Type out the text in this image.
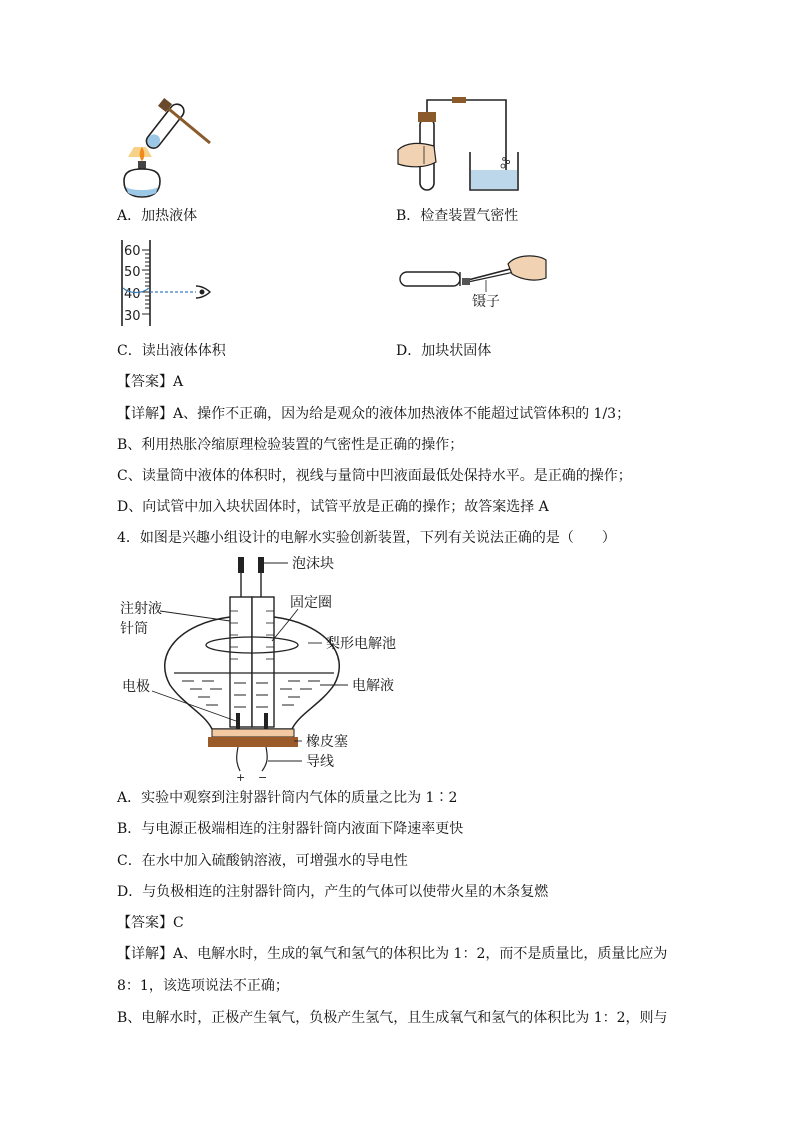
A．加热液体	B．检查装置气密性
60
50
40
30
镊子
C．读出液体体积	D．加块状固体
【答案】A
【详解】A、操作不正确，因为给是观众的液体加热液体不能超过试管体积的 1/3；
B、利用热胀冷缩原理检验装置的气密性是正确的操作；
C、读量筒中液体的体积时，视线与量筒中凹液面最低处保持水平。是正确的操作；
D、向试管中加入块状固体时，试管平放是正确的操作；故答案选择 A
4．如图是兴趣小组设计的电解水实验创新装置，下列有关说法正确的是（　　）
+ −
泡沫块
注射液
针筒
固定圈
梨形电解池
电极	电解液
橡皮塞
导线
A．实验中观察到注射器针筒内气体的质量之比为 1∶2
B．与电源正极端相连的注射器针筒内液面下降速率更快
C．在水中加入硫酸钠溶液，可增强水的导电性
D．与负极相连的注射器针筒内，产生的气体可以使带火星的木条复燃
【答案】C
【详解】A、电解水时，生成的氧气和氢气的体积比为 1：2，而不是质量比，质量比应为
8：1，该选项说法不正确；
B、电解水时，正极产生氧气，负极产生氢气，且生成氧气和氢气的体积比为 1：2，则与
